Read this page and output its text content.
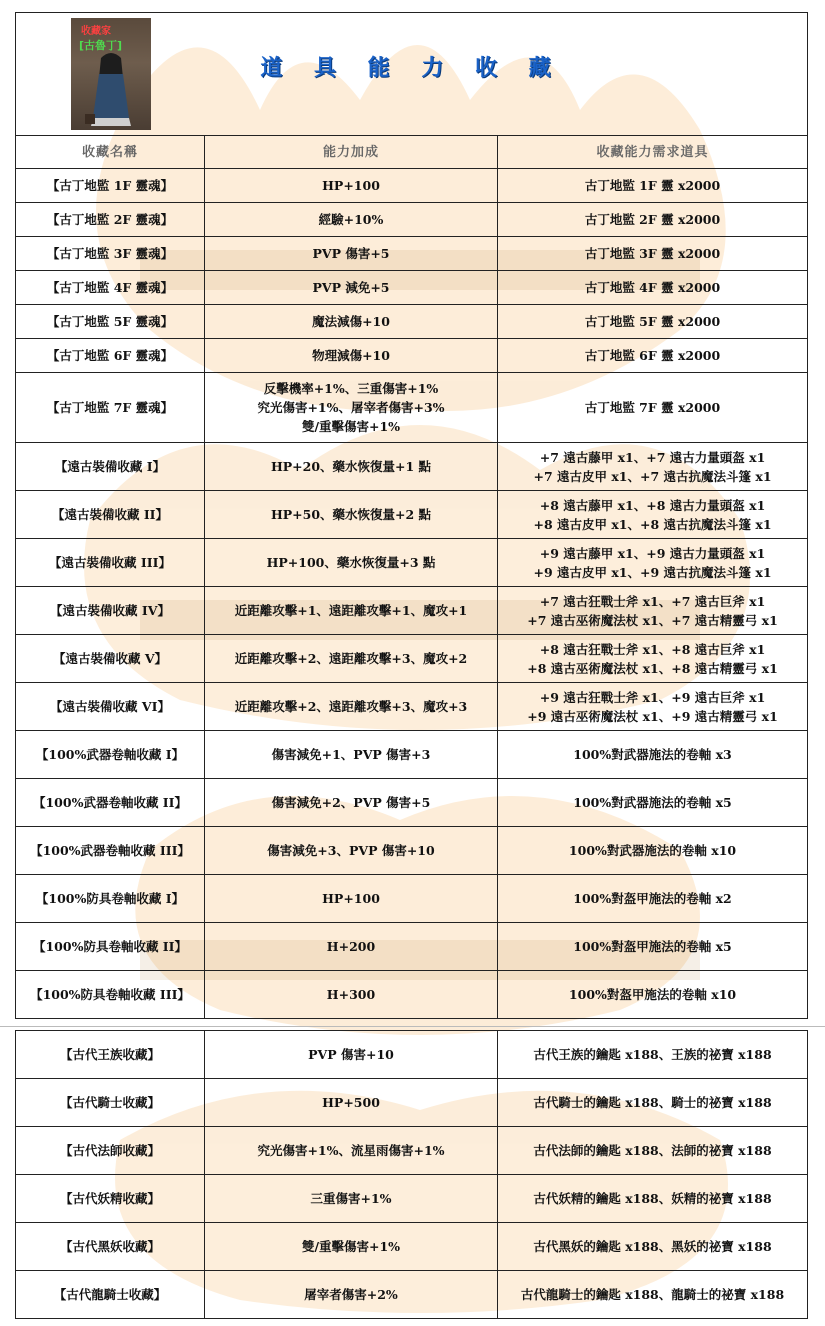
收藏家
[古魯丁]
道 具 能 力 收 藏		

收藏名稱	能力加成	收藏能力需求道具
【古丁地監 1F 靈魂】	HP+100	古丁地監 1F 靈 x2000

【古丁地監 2F 靈魂】	經驗+10%	古丁地監 2F 靈 x2000

【古丁地監 3F 靈魂】	PVP 傷害+5	古丁地監 3F 靈 x2000

【古丁地監 4F 靈魂】	PVP 減免+5	古丁地監 4F 靈 x2000

【古丁地監 5F 靈魂】	魔法減傷+10	古丁地監 5F 靈 x2000

【古丁地監 6F 靈魂】	物理減傷+10	古丁地監 6F 靈 x2000

【古丁地監 7F 靈魂】	反擊機率+1%、三重傷害+1%
究光傷害+1%、屠宰者傷害+3%
雙/重擊傷害+1%	古丁地監 7F 靈 x2000

【遠古裝備收藏 I】	HP+20、藥水恢復量+1 點	+7 遠古藤甲 x1、+7 遠古力量頭盔 x1
+7 遠古皮甲 x1、+7 遠古抗魔法斗篷 x1

【遠古裝備收藏 II】	HP+50、藥水恢復量+2 點	+8 遠古藤甲 x1、+8 遠古力量頭盔 x1
+8 遠古皮甲 x1、+8 遠古抗魔法斗篷 x1

【遠古裝備收藏 III】	HP+100、藥水恢復量+3 點	+9 遠古藤甲 x1、+9 遠古力量頭盔 x1
+9 遠古皮甲 x1、+9 遠古抗魔法斗篷 x1

【遠古裝備收藏 IV】	近距離攻擊+1、遠距離攻擊+1、魔攻+1	+7 遠古狂戰士斧 x1、+7 遠古巨斧 x1
+7 遠古巫術魔法杖 x1、+7 遠古精靈弓 x1

【遠古裝備收藏 V】	近距離攻擊+2、遠距離攻擊+3、魔攻+2	+8 遠古狂戰士斧 x1、+8 遠古巨斧 x1
+8 遠古巫術魔法杖 x1、+8 遠古精靈弓 x1

【遠古裝備收藏 VI】	近距離攻擊+2、遠距離攻擊+3、魔攻+3	+9 遠古狂戰士斧 x1、+9 遠古巨斧 x1
+9 遠古巫術魔法杖 x1、+9 遠古精靈弓 x1

【100%武器卷軸收藏 I】	傷害減免+1、PVP 傷害+3	100%對武器施法的卷軸 x3

【100%武器卷軸收藏 II】	傷害減免+2、PVP 傷害+5	100%對武器施法的卷軸 x5

【100%武器卷軸收藏 III】	傷害減免+3、PVP 傷害+10	100%對武器施法的卷軸 x10

【100%防具卷軸收藏 I】	HP+100	100%對盔甲施法的卷軸 x2

【100%防具卷軸收藏 II】	H+200	100%對盔甲施法的卷軸 x5

【100%防具卷軸收藏 III】	H+300	100%對盔甲施法的卷軸 x10
【古代王族收藏】	PVP 傷害+10	古代王族的鑰匙 x188、王族的祕寶 x188

【古代騎士收藏】	HP+500	古代騎士的鑰匙 x188、騎士的祕寶 x188

【古代法師收藏】	究光傷害+1%、流星雨傷害+1%	古代法師的鑰匙 x188、法師的祕寶 x188

【古代妖精收藏】	三重傷害+1%	古代妖精的鑰匙 x188、妖精的祕寶 x188

【古代黑妖收藏】	雙/重擊傷害+1%	古代黑妖的鑰匙 x188、黑妖的祕寶 x188

【古代龍騎士收藏】	屠宰者傷害+2%	古代龍騎士的鑰匙 x188、龍騎士的祕寶 x188
